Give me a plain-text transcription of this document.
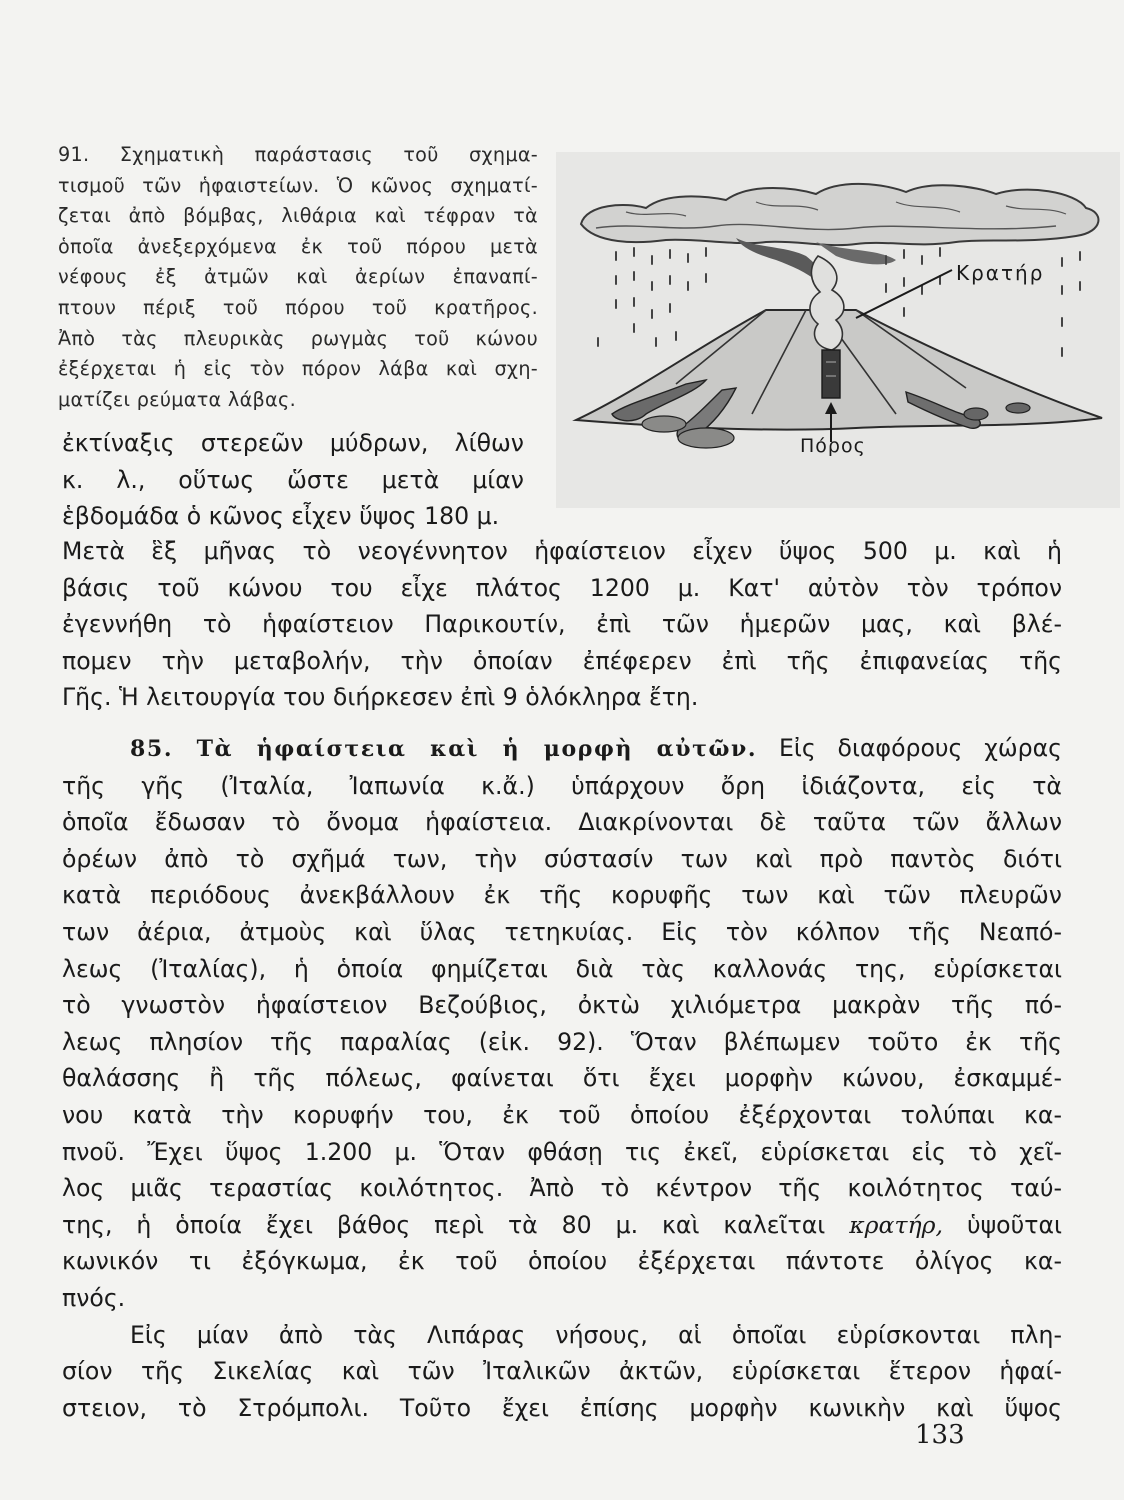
91. Σχηματικὴ παράστασις τοῦ σχημα-
τισμοῦ τῶν ἡφαιστείων. Ὁ κῶνος σχηματί-
ζεται ἀπὸ βόμβας, λιθάρια καὶ τέφραν τὰ
ὁποῖα ἀνεξερχόμενα ἐκ τοῦ πόρου μετὰ
νέφους ἐξ ἀτμῶν καὶ ἀερίων ἐπαναπί-
πτουν πέριξ τοῦ πόρου τοῦ κρατῆρος.
Ἀπὸ τὰς πλευρικὰς ρωγμὰς τοῦ κώνου
ἐξέρχεται ἡ εἰς τὸν πόρον λάβα καὶ σχη-
ματίζει ρεύματα λάβας.
Κρατήρ
Πόρος
ἐκτίναξις στερεῶν μύδρων, λίθων
κ. λ., οὕτως ὥστε μετὰ μίαν
ἑβδομάδα ὁ κῶνος εἶχεν ὕψος 180 μ.
Μετὰ ἓξ μῆνας τὸ νεογέννητον ἡφαίστειον εἶχεν ὕψος 500 μ. καὶ ἡ
βάσις τοῦ κώνου του εἶχε πλάτος 1200 μ. Κατ' αὐτὸν τὸν τρόπον
ἐγεννήθη τὸ ἡφαίστειον Παρικουτίν, ἐπὶ τῶν ἡμερῶν μας, καὶ βλέ-
πομεν τὴν μεταβολήν, τὴν ὁποίαν ἐπέφερεν ἐπὶ τῆς ἐπιφανείας τῆς
Γῆς. Ἡ λειτουργία του διήρκεσεν ἐπὶ 9 ὁλόκληρα ἔτη.
85. Τὰ ἡφαίστεια καὶ ἡ μορφὴ αὐτῶν. Εἰς διαφόρους χώρας
τῆς γῆς (Ἰταλία, Ἰαπωνία κ.ἄ.) ὑπάρχουν ὄρη ἰδιάζοντα, εἰς τὰ
ὁποῖα ἔδωσαν τὸ ὄνομα ἡφαίστεια. Διακρίνονται δὲ ταῦτα τῶν ἄλλων
ὀρέων ἀπὸ τὸ σχῆμά των, τὴν σύστασίν των καὶ πρὸ παντὸς διότι
κατὰ περιόδους ἀνεκβάλλουν ἐκ τῆς κορυφῆς των καὶ τῶν πλευρῶν
των ἀέρια, ἀτμοὺς καὶ ὕλας τετηκυίας. Εἰς τὸν κόλπον τῆς Νεαπό-
λεως (Ἰταλίας), ἡ ὁποία φημίζεται διὰ τὰς καλλονάς της, εὑρίσκεται
τὸ γνωστὸν ἡφαίστειον Βεζούβιος, ὀκτὼ χιλιόμετρα μακρὰν τῆς πό-
λεως πλησίον τῆς παραλίας (εἰκ. 92). Ὅταν βλέπωμεν τοῦτο ἐκ τῆς
θαλάσσης ἢ τῆς πόλεως, φαίνεται ὅτι ἔχει μορφὴν κώνου, ἐσκαμμέ-
νου κατὰ τὴν κορυφήν του, ἐκ τοῦ ὁποίου ἐξέρχονται τολύπαι κα-
πνοῦ. Ἔχει ὕψος 1.200 μ. Ὅταν φθάσῃ τις ἐκεῖ, εὑρίσκεται εἰς τὸ χεῖ-
λος μιᾶς τεραστίας κοιλότητος. Ἀπὸ τὸ κέντρον τῆς κοιλότητος ταύ-
της, ἡ ὁποία ἔχει βάθος περὶ τὰ 80 μ. καὶ καλεῖται κρατήρ, ὑψοῦται
κωνικόν τι ἐξόγκωμα, ἐκ τοῦ ὁποίου ἐξέρχεται πάντοτε ὀλίγος κα-
πνός.
Εἰς μίαν ἀπὸ τὰς Λιπάρας νήσους, αἱ ὁποῖαι εὑρίσκονται πλη-
σίον τῆς Σικελίας καὶ τῶν Ἰταλικῶν ἀκτῶν, εὑρίσκεται ἕτερον ἡφαί-
στειον, τὸ Στρόμπολι. Τοῦτο ἔχει ἐπίσης μορφὴν κωνικὴν καὶ ὕψος
133
